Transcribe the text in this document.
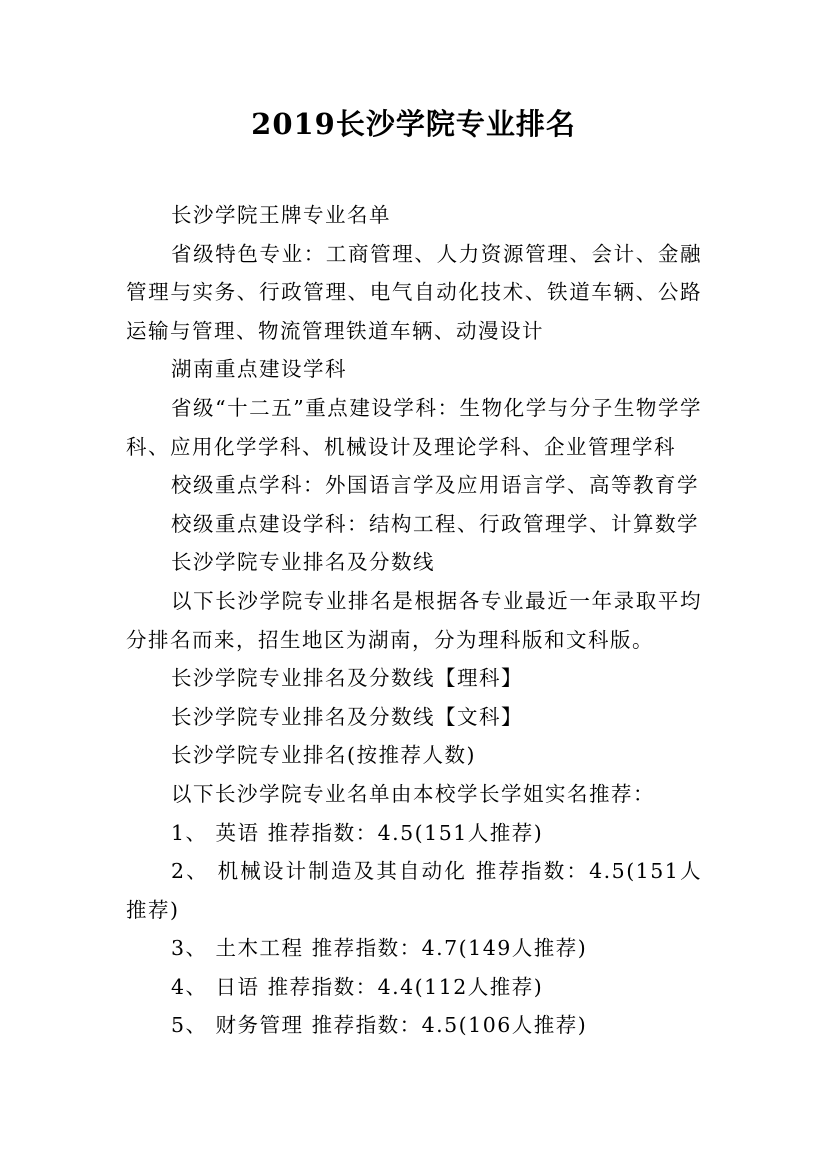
2019长沙学院专业排名

长沙学院王牌专业名单

省级特色专业：工商管理、人力资源管理、会计、金融管理与实务、行政管理、电气自动化技术、铁道车辆、公路运输与管理、物流管理铁道车辆、动漫设计

湖南重点建设学科

省级“十二五”重点建设学科：生物化学与分子生物学学科、应用化学学科、机械设计及理论学科、企业管理学科

校级重点学科：外国语言学及应用语言学、高等教育学

校级重点建设学科：结构工程、行政管理学、计算数学

长沙学院专业排名及分数线

以下长沙学院专业排名是根据各专业最近一年录取平均分排名而来，招生地区为湖南，分为理科版和文科版。

长沙学院专业排名及分数线【理科】

长沙学院专业排名及分数线【文科】

长沙学院专业排名(按推荐人数)

以下长沙学院专业名单由本校学长学姐实名推荐：

1、 英语 推荐指数：4.5(151人推荐)

2、 机械设计制造及其自动化 推荐指数：4.5(151人推荐)

3、 土木工程 推荐指数：4.7(149人推荐)

4、 日语 推荐指数：4.4(112人推荐)

5、 财务管理 推荐指数：4.5(106人推荐)
